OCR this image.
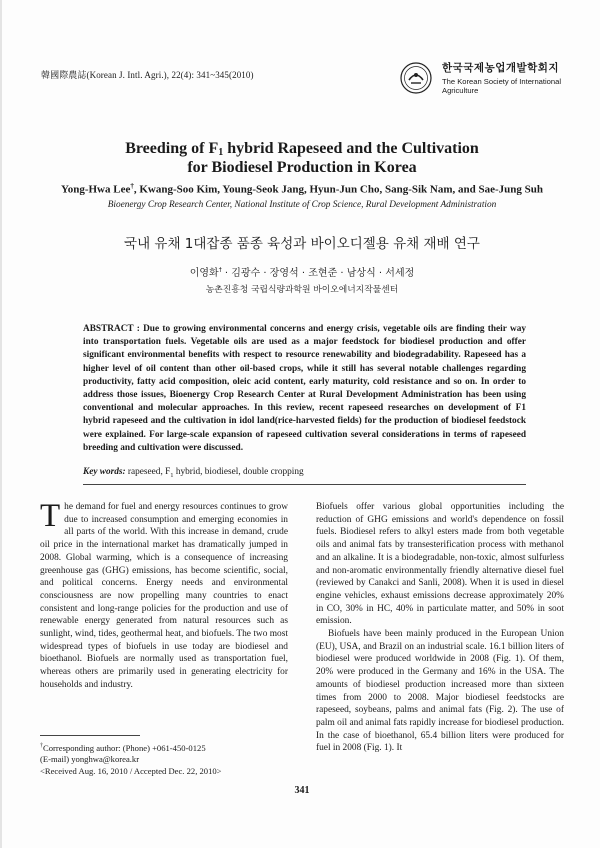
韓國際農誌(Korean J. Intl. Agri.), 22(4): 341~345(2010)
한국국제농업개발학회지
The Korean Society of International Agriculture
Breeding of $F_1$ hybrid Rapeseed and the Cultivation
for Biodiesel Production in Korea
Yong-Hwa Lee†, Kwang-Soo Kim, Young-Seok Jang, Hyun-Jun Cho, Sang-Sik Nam, and Sae-Jung Suh
Bioenergy Crop Research Center, National Institute of Crop Science, Rural Development Administration
국내 유채 1대잡종 품종 육성과 바이오디젤용 유채 재배 연구
이영화† · 김광수 · 장영석 · 조현준 · 남상식 · 서세정
농촌진흥청 국립식량과학원 바이오에너지작물센터
ABSTRACT : Due to growing environmental concerns and energy crisis, vegetable oils are finding their way into transportation fuels. Vegetable oils are used as a major feedstock for biodiesel production and offer significant environmental benefits with respect to resource renewability and biodegradability. Rapeseed has a higher level of oil content than other oil-based crops, while it still has several notable challenges regarding productivity, fatty acid composition, oleic acid content, early maturity, cold resistance and so on. In order to address those issues, Bioenergy Crop Research Center at Rural Development Administration has been using conventional and molecular approaches. In this review, recent rapeseed researches on development of F1 hybrid rapeseed and the cultivation in idol land(rice-harvested fields) for the production of biodiesel feedstock were explained. For large-scale expansion of rapeseed cultivation several considerations in terms of rapeseed breeding and cultivation were discussed.
Key words: rapeseed, $F_1$ hybrid, biodiesel, double cropping

The demand for fuel and energy resources continues to grow due to increased consumption and emerging economies in all parts of the world. With this increase in demand, crude oil price in the international market has dramatically jumped in 2008. Global warming, which is a consequence of increasing greenhouse gas (GHG) emissions, has become scientific, social, and political concerns. Energy needs and environmental consciousness are now propelling many countries to enact consistent and long-range policies for the production and use of renewable energy generated from natural resources such as sunlight, wind, tides, geothermal heat, and biofuels. The two most widespread types of biofuels in use today are biodiesel and bioethanol. Biofuels are normally used as transportation fuel, whereas others are primarily used in generating electricity for households and industry.

Biofuels offer various global opportunities including the reduction of GHG emissions and world's dependence on fossil fuels. Biodiesel refers to alkyl esters made from both vegetable oils and animal fats by transesterification process with methanol and an alkaline. It is a biodegradable, non-toxic, almost sulfurless and non-aromatic environmentally friendly alternative diesel fuel (reviewed by Canakci and Sanli, 2008). When it is used in diesel engine vehicles, exhaust emissions decrease approximately 20% in CO, 30% in HC, 40% in particulate matter, and 50% in soot emission.

Biofuels have been mainly produced in the European Union (EU), USA, and Brazil on an industrial scale. 16.1 billion liters of biodiesel were produced worldwide in 2008 (Fig. 1). Of them, 20% were produced in the Germany and 16% in the USA. The amounts of biodiesel production increased more than sixteen times from 2000 to 2008. Major biodiesel feedstocks are rapeseed, soybeans, palms and animal fats (Fig. 2). The use of palm oil and animal fats rapidly increase for biodiesel production. In the case of bioethanol, 65.4 billion liters were produced for fuel in 2008 (Fig. 1). It

†Corresponding author: (Phone) +061-450-0125
(E-mail) yonghwa@korea.kr
<Received Aug. 16, 2010 / Accepted Dec. 22, 2010>
341
